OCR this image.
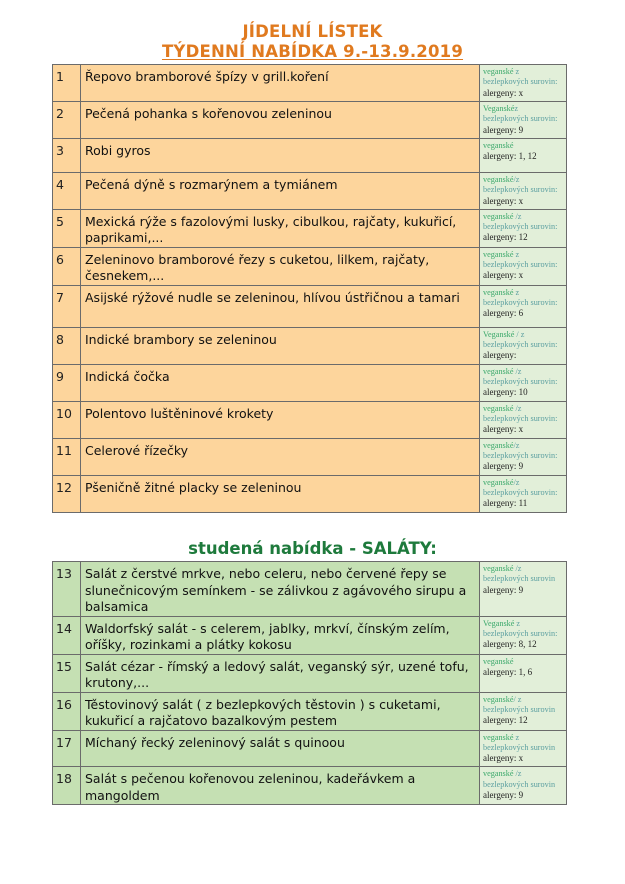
JÍDELNÍ LÍSTEK
TÝDENNÍ NABÍDKA 9.-13.9.2019
1	Řepovo bramborové špízy v grill.koření	veganské z bezlepkových surovin:
alergeny: x
2	Pečená pohanka s kořenovou zeleninou	Veganskéz bezlepkových surovin:
alergeny: 9
3	Robi gyros	veganské
alergeny: 1, 12
4	Pečená dýně s rozmarýnem a tymiánem	veganské/z bezlepkových surovin:
alergeny: x
5	Mexická rýže s fazolovými lusky, cibulkou, rajčaty, kukuřicí, paprikami,...	veganské /z bezlepkových surovin:
alergeny: 12
6	Zeleninovo bramborové řezy s cuketou, lilkem, rajčaty, česnekem,...	veganské z bezlepkových surovin:
alergeny: x
7	Asijské rýžové nudle se zeleninou, hlívou ústřičnou a tamari	veganské z bezlepkových surovin:
alergeny: 6
8	Indické brambory se zeleninou	Veganské / z bezlepkových surovin:
alergeny:
9	Indická čočka	veganské /z bezlepkových surovin:
alergeny: 10
10	Polentovo luštěninové krokety	veganské /z bezlepkových surovin:
alergeny: x
11	Celerové řízečky	veganské/z bezlepkových surovin:
alergeny: 9
12	Pšeničně žitné placky se zeleninou	veganské/z bezlepkových surovin:
alergeny: 11
studená nabídka - SALÁTY:
13	Salát z čerstvé mrkve, nebo celeru, nebo červené řepy se slunečnicovým semínkem - se zálivkou z agávového sirupu a balsamica	veganské /z bezlepkových surovin
alergeny: 9
14	Waldorfský salát - s celerem, jablky, mrkví, čínským zelím, oříšky, rozinkami a plátky kokosu	Veganské z bezlepkových surovin:
alergeny: 8, 12
15	Salát cézar - římský a ledový salát, veganský sýr, uzené tofu, krutony,...	veganské
alergeny: 1, 6
16	Těstovinový salát ( z bezlepkových těstovin ) s cuketami, kukuřicí a rajčatovo bazalkovým pestem	veganské/ z bezlepkových surovin
alergeny: 12
17	Míchaný řecký zeleninový salát s quinoou	veganské z bezlepkových surovin
alergeny: x
18	Salát s pečenou kořenovou zeleninou, kadeřávkem a mangoldem	veganské /z bezlepkových surovin
alergeny: 9
